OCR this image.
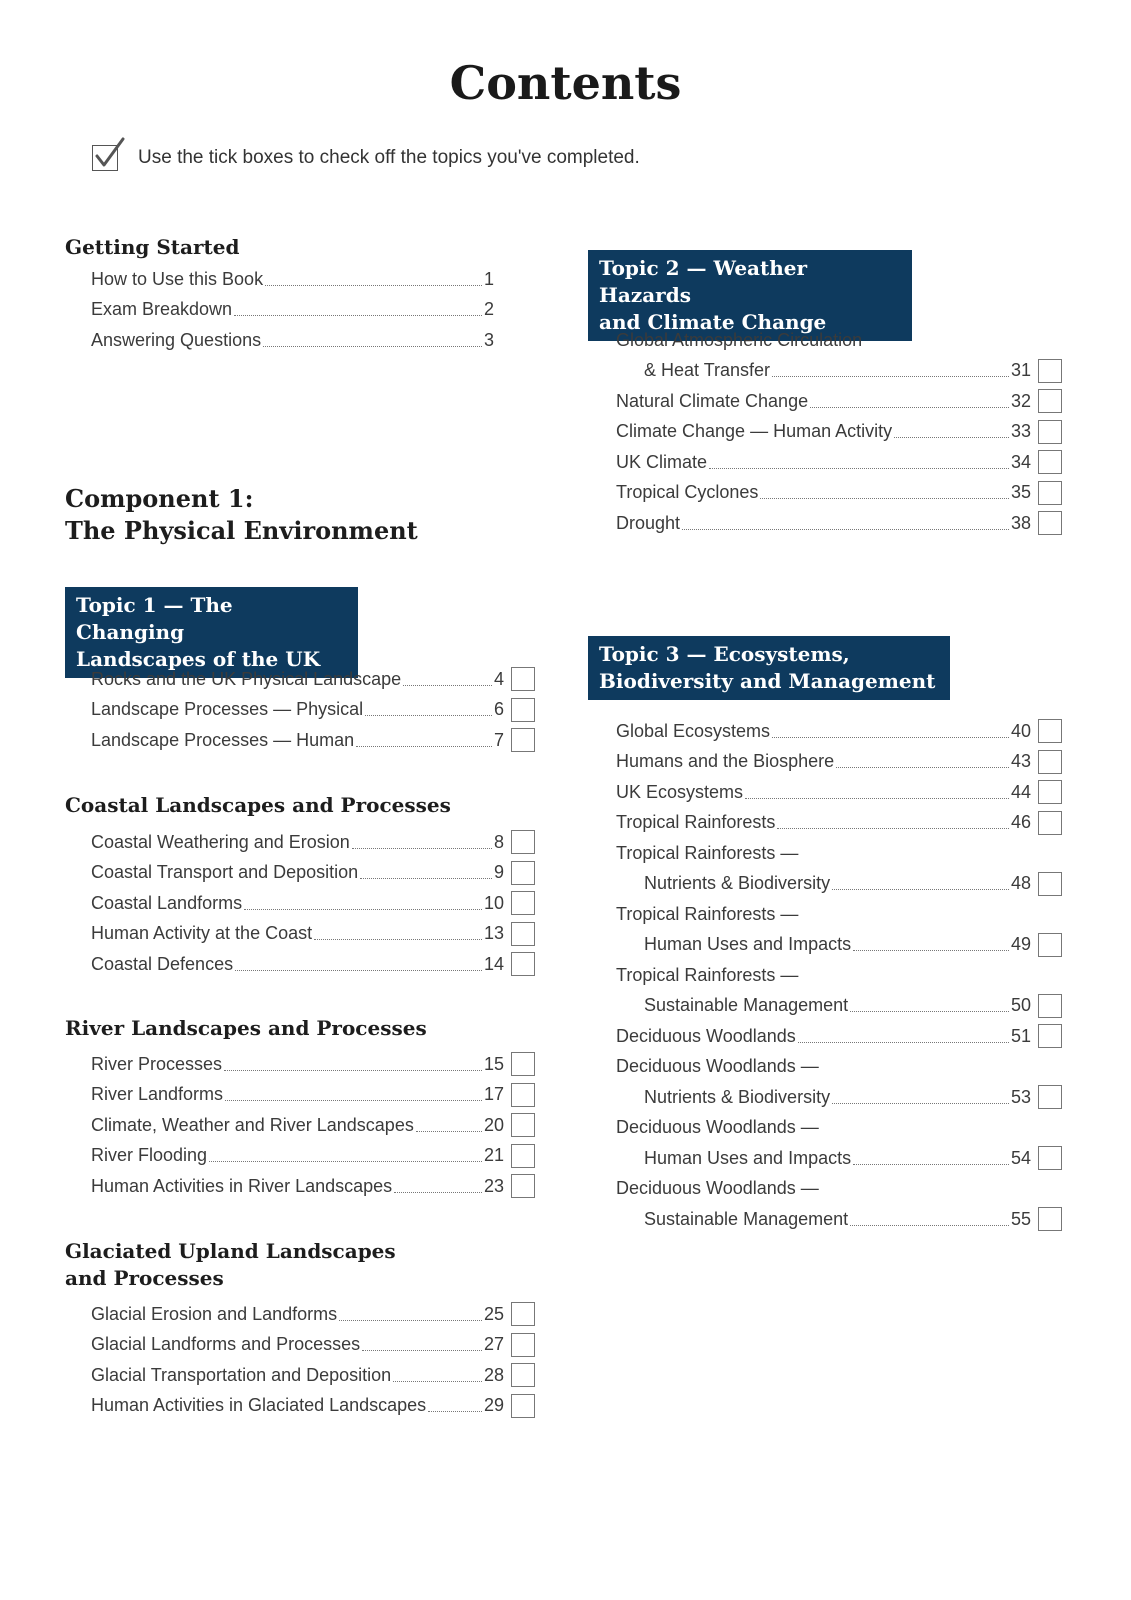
Contents
Use the tick boxes to check off the topics you've completed.
Getting Started
How to Use this Book	1
Exam Breakdown	2
Answering Questions	3
Component 1:
The Physical Environment
Topic 1 — The Changing
Landscapes of the UK
Rocks and the UK Physical Landscape	4
Landscape Processes — Physical	6
Landscape Processes — Human	7
Coastal Landscapes and Processes
Coastal Weathering and Erosion	8
Coastal Transport and Deposition	9
Coastal Landforms	10
Human Activity at the Coast	13
Coastal Defences	14
River Landscapes and Processes
River Processes	15
River Landforms	17
Climate, Weather and River Landscapes	20
River Flooding	21
Human Activities in River Landscapes	23
Glaciated Upland Landscapes
and Processes
Glacial Erosion and Landforms	25
Glacial Landforms and Processes	27
Glacial Transportation and Deposition	28
Human Activities in Glaciated Landscapes	29
Topic 2 — Weather Hazards
and Climate Change
Global Atmospheric Circulation
& Heat Transfer	31
Natural Climate Change	32
Climate Change — Human Activity	33
UK Climate	34
Tropical Cyclones	35
Drought	38
Topic 3 — Ecosystems,
Biodiversity and Management
Global Ecosystems	40
Humans and the Biosphere	43
UK Ecosystems	44
Tropical Rainforests	46
Tropical Rainforests —
Nutrients & Biodiversity	48
Tropical Rainforests —
Human Uses and Impacts	49
Tropical Rainforests —
Sustainable Management	50
Deciduous Woodlands	51
Deciduous Woodlands —
Nutrients & Biodiversity	53
Deciduous Woodlands —
Human Uses and Impacts	54
Deciduous Woodlands —
Sustainable Management	55
